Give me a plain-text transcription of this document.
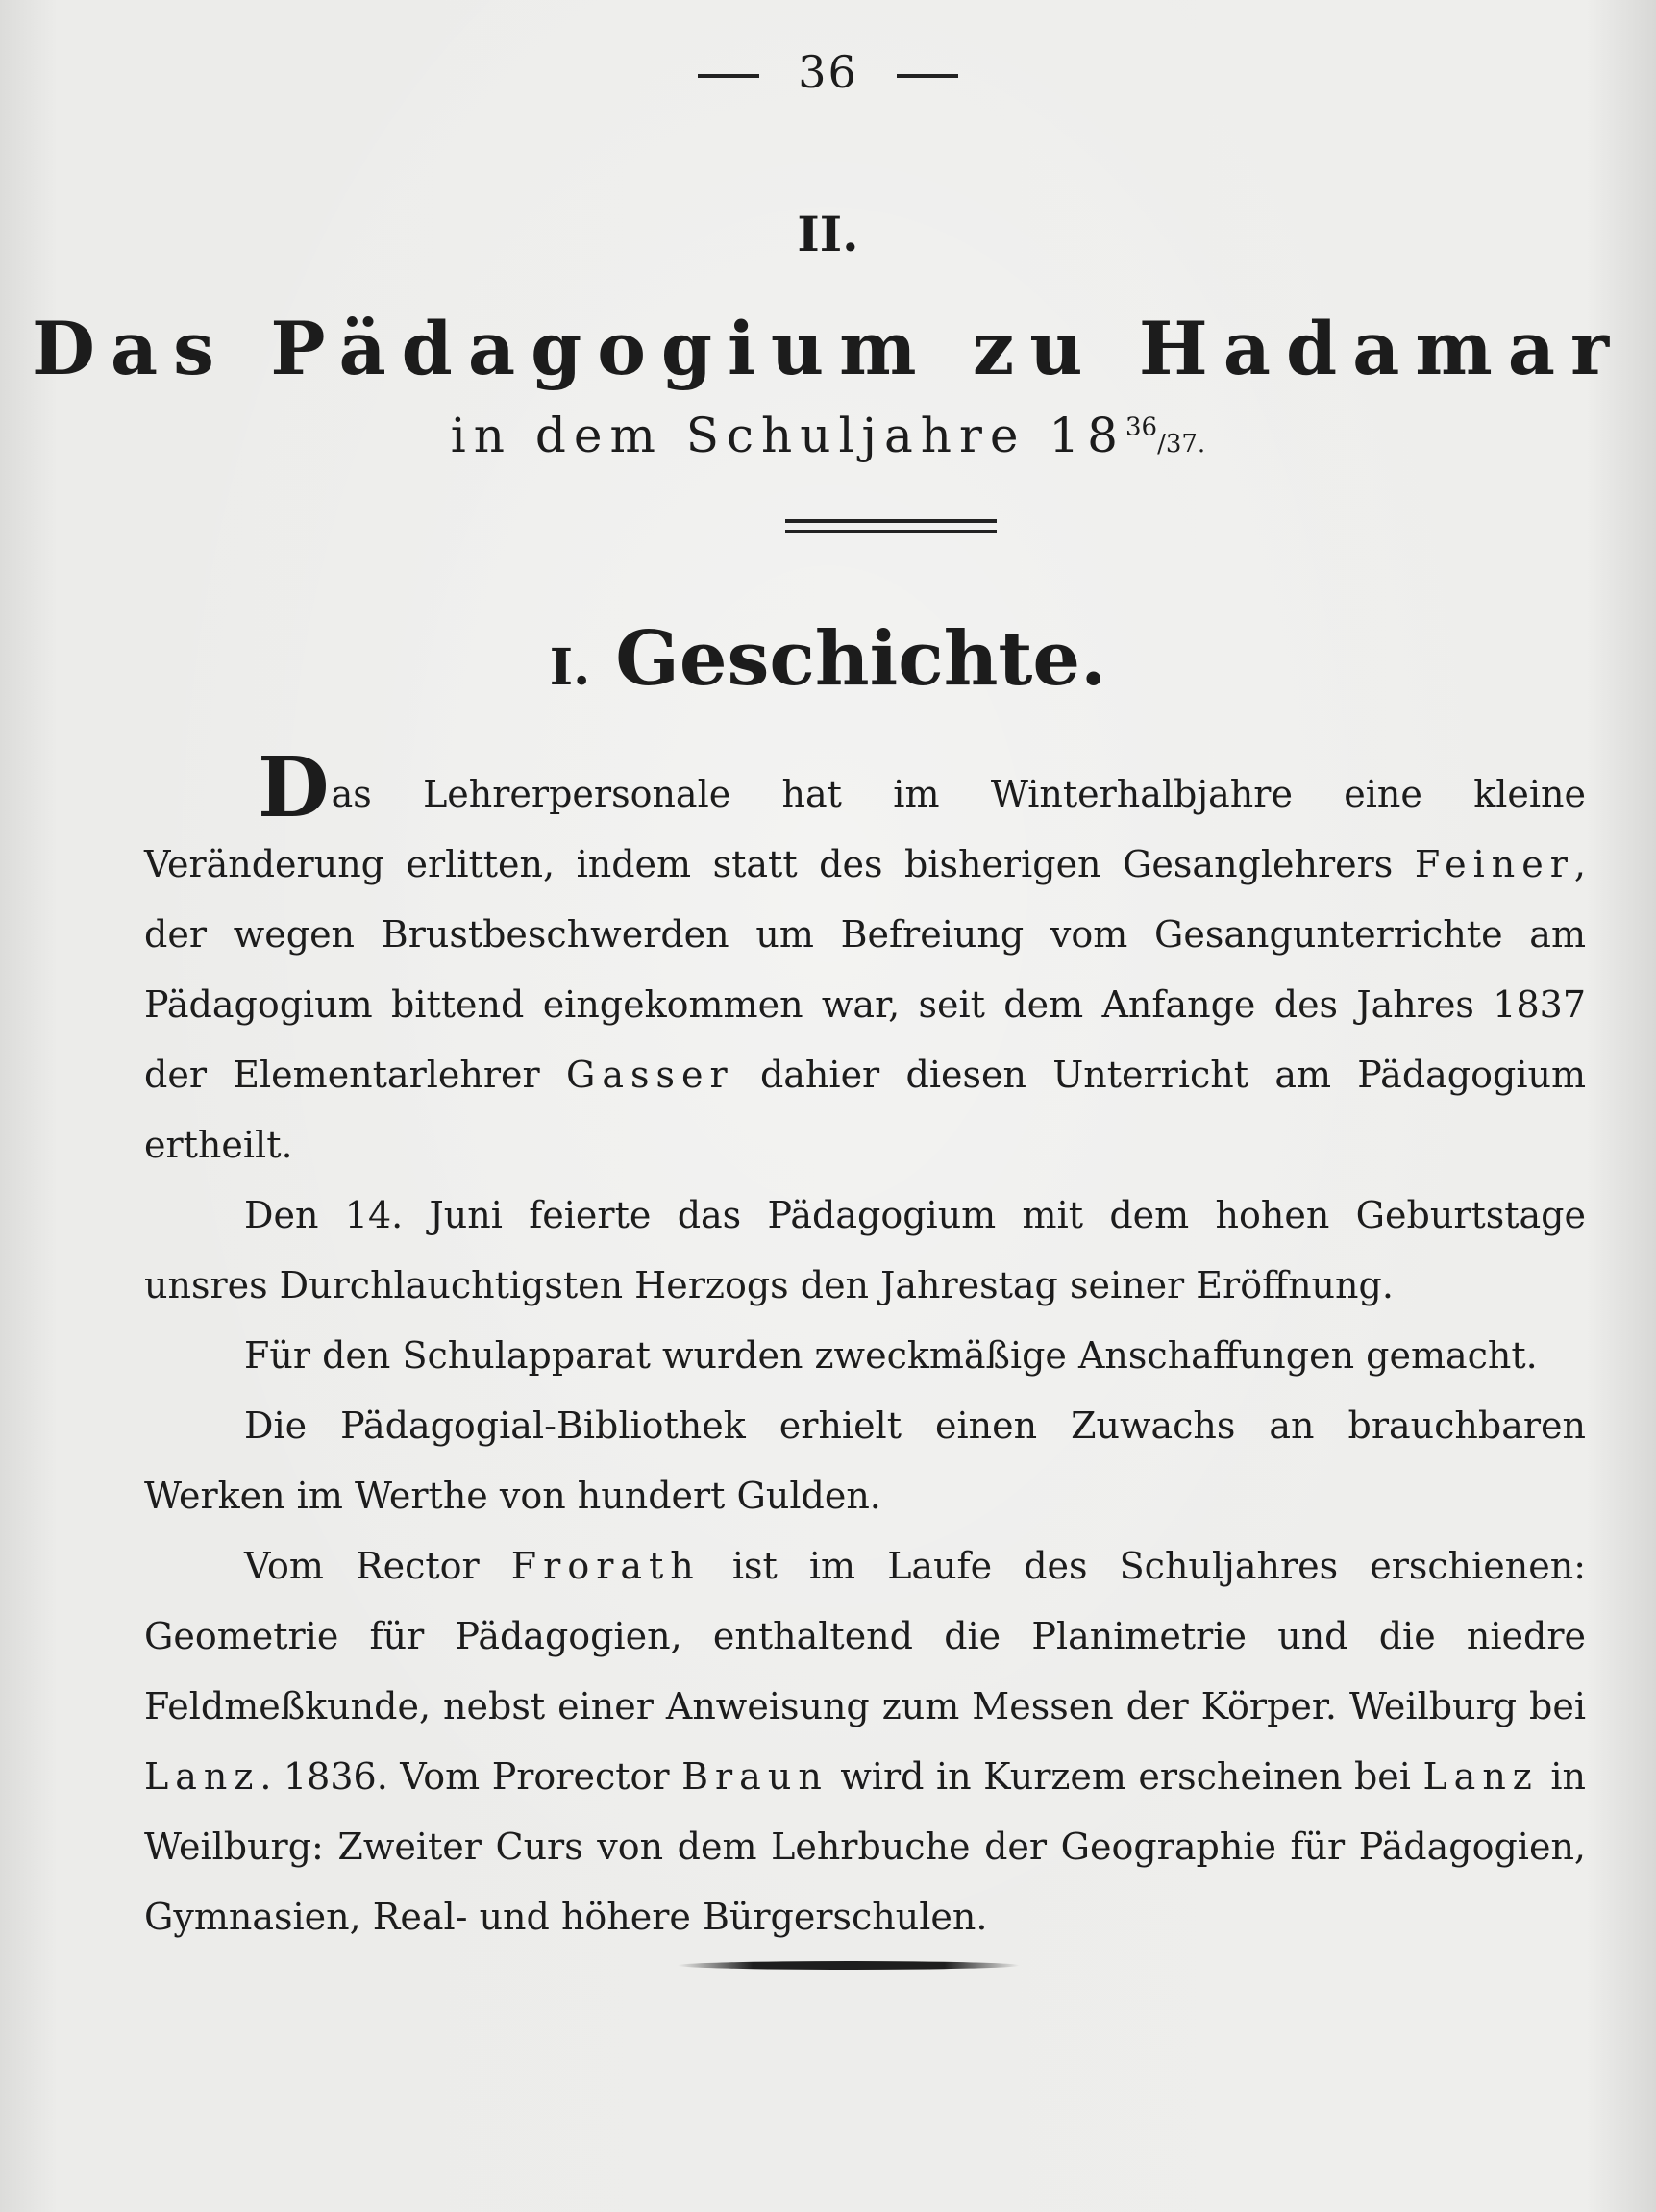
36
II.
Das Pädagogium zu Hadamar
in dem Schuljahre $18^{36}/37$.
I. Geschichte.

Das Lehrerpersonale hat im Winterhalbjahre eine kleine Veränderung erlitten, indem statt des bisherigen Gesanglehrers Feiner, der wegen Brustbeschwerden um Befreiung vom Gesangunterrichte am Pädagogium bittend eingekommen war, seit dem Anfange des Jahres 1837 der Elementarlehrer Gasser dahier diesen Unterricht am Pädagogium ertheilt.

Den 14. Juni feierte das Pädagogium mit dem hohen Geburtstage unsres Durchlauchtigsten Herzogs den Jahrestag seiner Eröffnung.

Für den Schulapparat wurden zweckmäßige Anschaffungen gemacht.

Die Pädagogial-Bibliothek erhielt einen Zuwachs an brauchbaren Werken im Werthe von hundert Gulden.

Vom Rector Frorath ist im Laufe des Schuljahres erschienen: Geometrie für Pädagogien, enthaltend die Planimetrie und die niedre Feldmeßkunde, nebst einer Anweisung zum Messen der Körper. Weilburg bei Lanz. 1836. Vom Prorector Braun wird in Kurzem erscheinen bei Lanz in Weilburg: Zweiter Curs von dem Lehrbuche der Geographie für Pädagogien, Gymnasien, Real- und höhere Bürgerschulen.
